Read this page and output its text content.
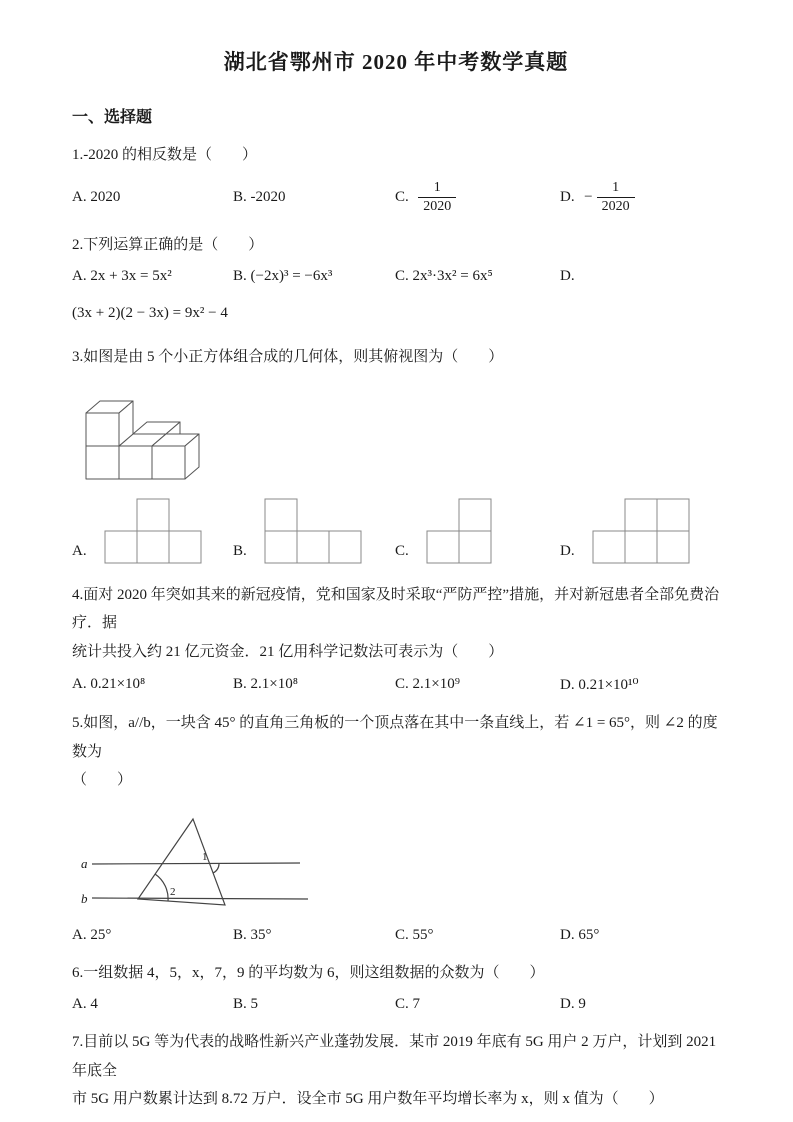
湖北省鄂州市 2020 年中考数学真题
一、选择题

1.-2020 的相反数是（　　）

A. 2020	B. -2020	C.
$\frac{1}{2020}$	D.
− $\frac{1}{2020}$

2.下列运算正确的是（　　）

A. 2x + 3x = 5x²	B. (−2x)³ = −6x³	C. 2x³·3x² = 6x⁵	D.

(3x + 2)(2 − 3x) = 9x² − 4

3.如图是由 5 个小正方体组合成的几何体，则其俯视图为（　　）

A.	B.	C.	D.

4.面对 2020 年突如其来的新冠疫情，党和国家及时采取“严防严控”措施，并对新冠患者全部免费治疗．据

统计共投入约 21 亿元资金．21 亿用科学记数法可表示为（　　）

A. 0.21×10⁸	B. 2.1×10⁸	C. 2.1×10⁹	D. 0.21×10¹⁰

5.如图，a//b，一块含 45° 的直角三角板的一个顶点落在其中一条直线上，若 ∠1 = 65°，则 ∠2 的度数为

（　　）

a
b
1
2
A. 25°	B. 35°	C. 55°	D. 65°

6.一组数据 4，5，x，7，9 的平均数为 6，则这组数据的众数为（　　）

A. 4	B. 5	C. 7	D. 9

7.目前以 5G 等为代表的战略性新兴产业蓬勃发展．某市 2019 年底有 5G 用户 2 万户，计划到 2021 年底全

市 5G 用户数累计达到 8.72 万户．设全市 5G 用户数年平均增长率为 x，则 x 值为（　　）
